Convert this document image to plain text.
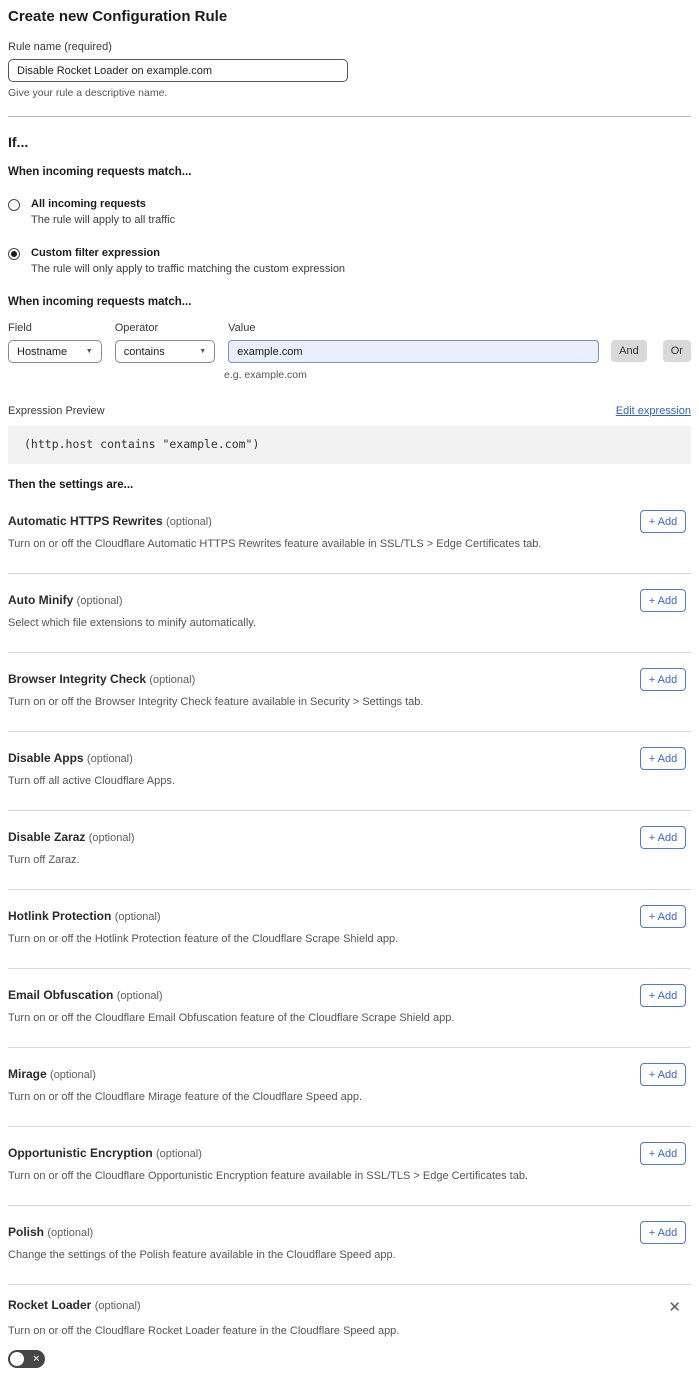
Create new Configuration Rule
Rule name (required)
Disable Rocket Loader on example.com
Give your rule a descriptive name.
If...
When incoming requests match...
All incoming requests
The rule will apply to all traffic
Custom filter expression
The rule will only apply to traffic matching the custom expression
When incoming requests match...
Field
Hostname	▼
Operator
contains	▼
Value
example.com
And	Or
e.g. example.com
Expression Preview	Edit expression
(http.host contains "example.com")
Then the settings are...
Automatic HTTPS Rewrites (optional)
Turn on or off the Cloudflare Automatic HTTPS Rewrites feature available in SSL/TLS > Edge Certificates tab.
+ Add
Auto Minify (optional)
Select which file extensions to minify automatically.
+ Add
Browser Integrity Check (optional)
Turn on or off the Browser Integrity Check feature available in Security > Settings tab.
+ Add
Disable Apps (optional)
Turn off all active Cloudflare Apps.
+ Add
Disable Zaraz (optional)
Turn off Zaraz.
+ Add
Hotlink Protection (optional)
Turn on or off the Hotlink Protection feature of the Cloudflare Scrape Shield app.
+ Add
Email Obfuscation (optional)
Turn on or off the Cloudflare Email Obfuscation feature of the Cloudflare Scrape Shield app.
+ Add
Mirage (optional)
Turn on or off the Cloudflare Mirage feature of the Cloudflare Speed app.
+ Add
Opportunistic Encryption (optional)
Turn on or off the Cloudflare Opportunistic Encryption feature available in SSL/TLS > Edge Certificates tab.
+ Add
Polish (optional)
Change the settings of the Polish feature available in the Cloudflare Speed app.
+ Add
Rocket Loader (optional)	✕
Turn on or off the Cloudflare Rocket Loader feature in the Cloudflare Speed app.
✕
